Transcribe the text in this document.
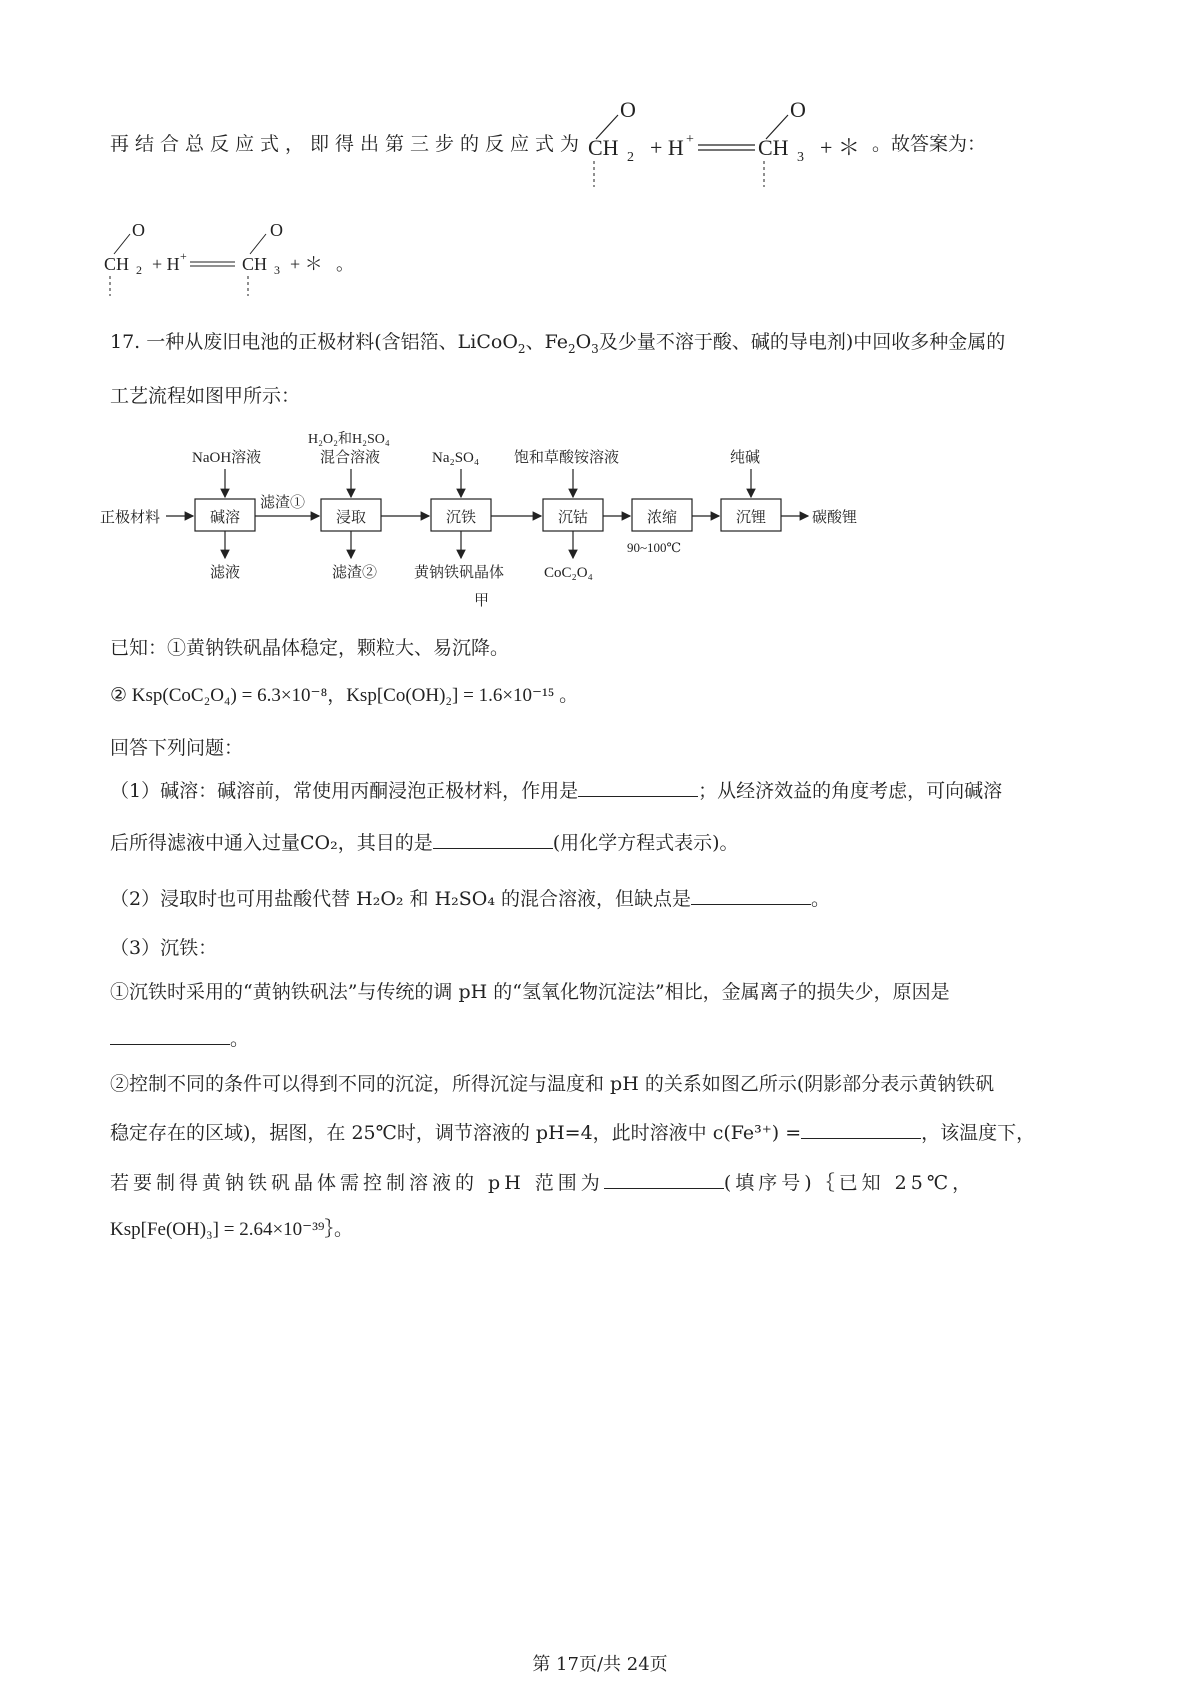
再结合总反应式，即得出第三步的反应式为
O
CH 2 + H +
O
CH 3 + ＊ 。故答案为：
O
CH 2 + H +
O
CH 3 + ＊ 。
17. 一种从废旧电池的正极材料(含铝箔、LiCoO$_2$、$Fe_2O_3$及少量不溶于酸、碱的导电剂)中回收多种金属的
工艺流程如图甲所示：
正极材料
NaOH溶液
H₂O₂和H₂SO₄
混合溶液	Na₂SO₄ 饱和草酸铵溶液	纯碱
碱溶	浸取	沉铁	沉钴	浓缩	沉锂
滤渣①
碳酸锂
滤液	滤渣② 黄钠铁矾晶体	CoC₂O₄
90~100℃
甲
已知：①黄钠铁矾晶体稳定，颗粒大、易沉降。
② Ksp(CoC₂O₄) = 6.3×10⁻⁸，Ksp[Co(OH)₂] = 1.6×10⁻¹⁵ 。
回答下列问题：
（1）碱溶：碱溶前，常使用丙酮浸泡正极材料，作用是	；从经济效益的角度考虑，可向碱溶
后所得滤液中通入过量CO₂，其目的是	(用化学方程式表示)。
（2）浸取时也可用盐酸代替 H₂O₂ 和 H₂SO₄ 的混合溶液，但缺点是	。
（3）沉铁：
①沉铁时采用的“黄钠铁矾法”与传统的调 pH 的“氢氧化物沉淀法”相比，金属离子的损失少，原因是
。
②控制不同的条件可以得到不同的沉淀，所得沉淀与温度和 pH 的关系如图乙所示(阴影部分表示黄钠铁矾
稳定存在的区域)，据图，在 25℃时，调节溶液的 pH=4，此时溶液中 c(Fe³⁺) =	，该温度下，
若要制得黄钠铁矾晶体需控制溶液的 pH 范围为	(填序号)｛已知 25℃，
Ksp[Fe(OH)₃] = 2.64×10⁻³⁹｝。
第 17页/共 24页
